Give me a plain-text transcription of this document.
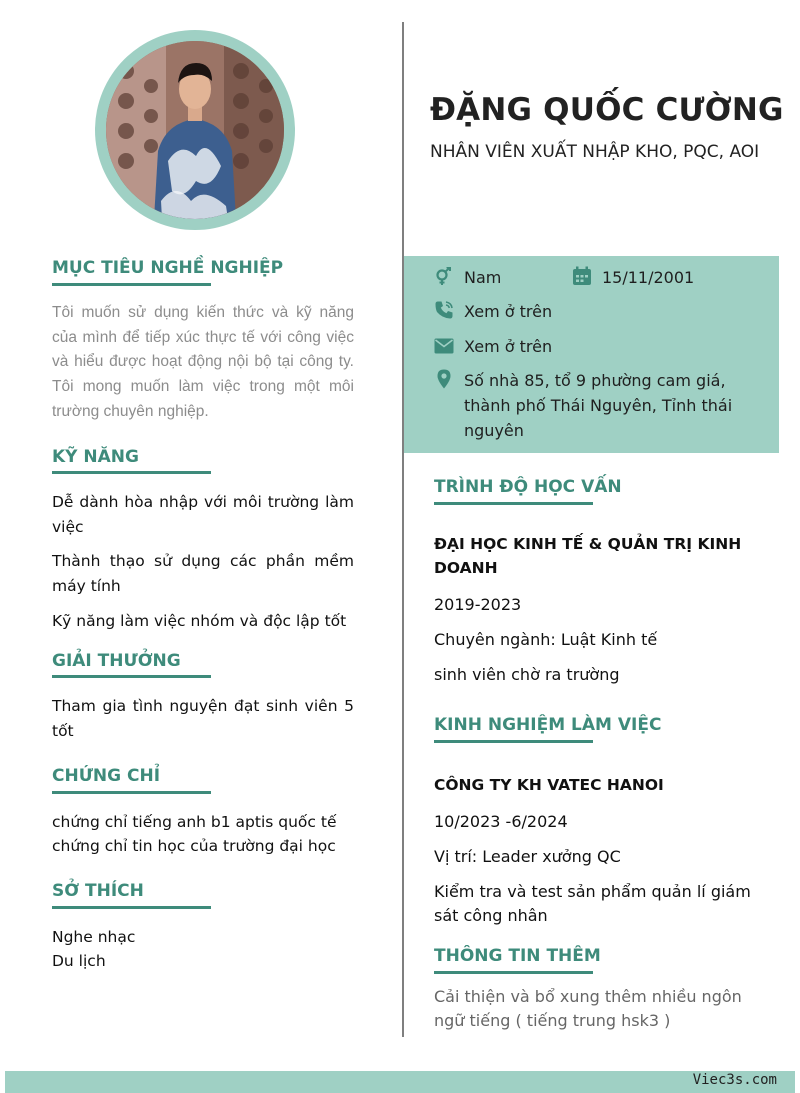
MỤC TIÊU NGHỀ NGHIỆP
Tôi muốn sử dụng kiến thức và kỹ năng của mình để tiếp xúc thực tế với công việc và hiểu được hoạt động nội bộ tại công ty. Tôi mong muốn làm việc trong một môi trường chuyên nghiệp.
KỸ NĂNG
Dễ dành hòa nhập với môi trường làm việc
Thành thạo sử dụng các phần mềm máy tính
Kỹ năng làm việc nhóm và độc lập tốt
GIẢI THƯỞNG
Tham gia tình nguyện đạt sinh viên 5 tốt
CHỨNG CHỈ
chứng chỉ tiếng anh b1 aptis quốc tế
chứng chỉ tin học của trường đại học
SỞ THÍCH
Nghe nhạc
Du lịch
ĐẶNG QUỐC CƯỜNG
NHÂN VIÊN XUẤT NHẬP KHO, PQC, AOI
Nam	15/11/2001
Xem ở trên
Xem ở trên
Số nhà 85, tổ 9 phường cam giá, thành phố Thái Nguyên, Tỉnh thái nguyên
TRÌNH ĐỘ HỌC VẤN
ĐẠI HỌC KINH TẾ & QUẢN TRỊ KINH DOANH
2019-2023
Chuyên ngành: Luật Kinh tế
sinh viên chờ ra trường
KINH NGHIỆM LÀM VIỆC
CÔNG TY KH VATEC HANOI
10/2023 -6/2024
Vị trí: Leader xưởng QC
Kiểm tra và test sản phẩm quản lí giám sát công nhân
THÔNG TIN THÊM
Cải thiện và bổ xung thêm nhiều ngôn ngữ tiếng ( tiếng trung hsk3 )
Viec3s.com
